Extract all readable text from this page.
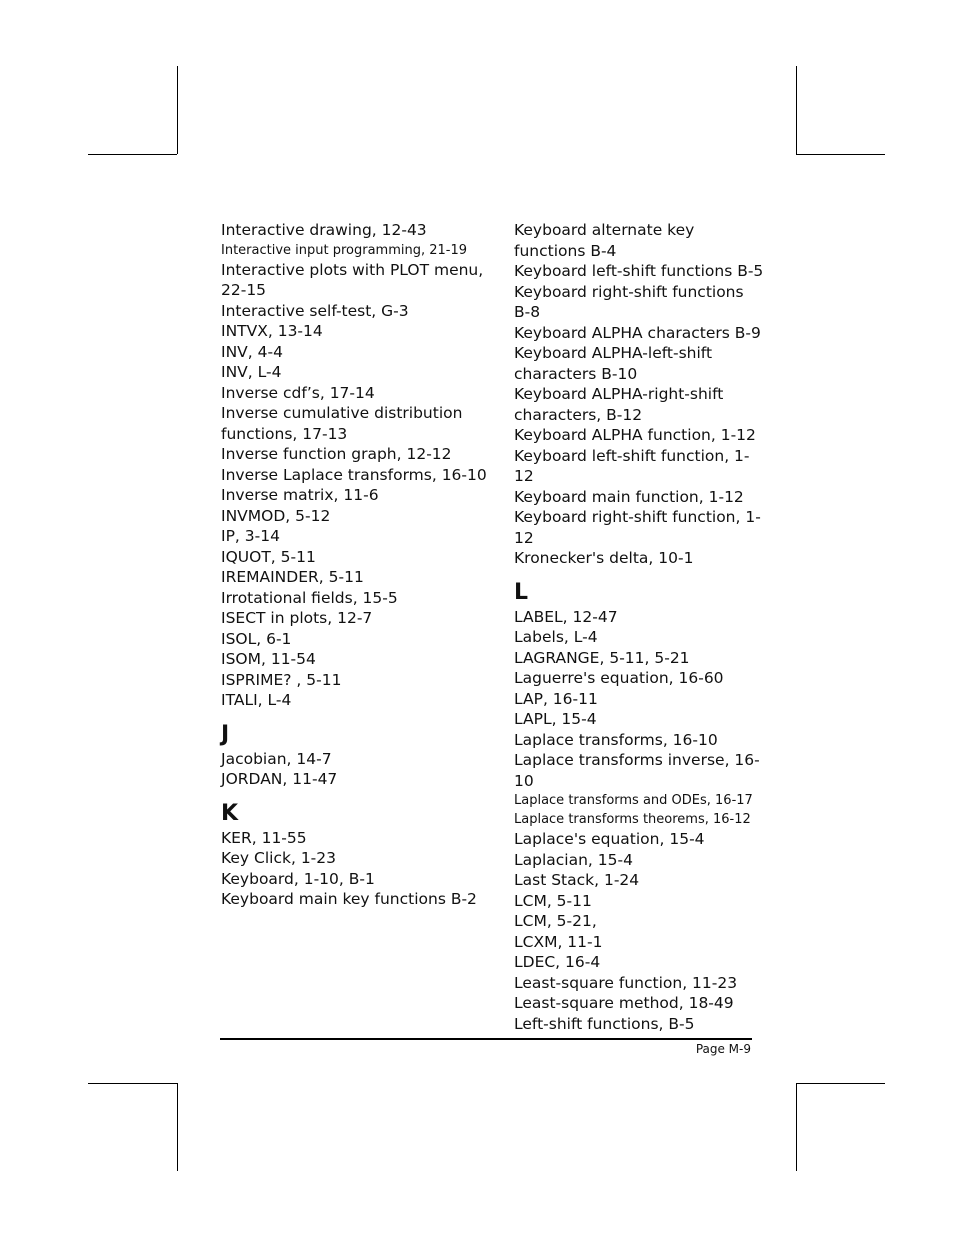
Interactive drawing, 12-43
Interactive input programming, 21-19
Interactive plots with PLOT menu, 22-15
Interactive self-test, G-3
INTVX, 13-14
INV, 4-4
INV, L-4
Inverse cdf’s, 17-14
Inverse cumulative distribution functions, 17-13
Inverse function graph, 12-12
Inverse Laplace transforms, 16-10
Inverse matrix, 11-6
INVMOD, 5-12
IP, 3-14
IQUOT, 5-11
IREMAINDER, 5-11
Irrotational fields, 15-5
ISECT in plots, 12-7
ISOL, 6-1
ISOM, 11-54
ISPRIME? , 5-11
ITALI, L-4
J
Jacobian, 14-7
JORDAN, 11-47
K
KER, 11-55
Key Click, 1-23
Keyboard, 1-10, B-1
Keyboard main key functions B-2
Keyboard alternate key functions B-4
Keyboard left-shift functions B-5
Keyboard right-shift functions B-8
Keyboard ALPHA characters B-9
Keyboard ALPHA-left-shift characters B-10
Keyboard ALPHA-right-shift characters, B-12
Keyboard ALPHA function, 1-12
Keyboard left-shift function, 1-12
Keyboard main function, 1-12
Keyboard right-shift function, 1-12
Kronecker's delta, 10-1
L
LABEL, 12-47
Labels, L-4
LAGRANGE, 5-11, 5-21
Laguerre's equation, 16-60
LAP, 16-11
LAPL, 15-4
Laplace transforms, 16-10
Laplace transforms inverse, 16-10
Laplace transforms and ODEs, 16-17
Laplace transforms theorems, 16-12
Laplace's equation, 15-4
Laplacian, 15-4
Last Stack, 1-24
LCM, 5-11
LCM, 5-21,
LCXM, 11-1
LDEC, 16-4
Least-square function, 11-23
Least-square method, 18-49
Left-shift functions, B-5
Page M-9
